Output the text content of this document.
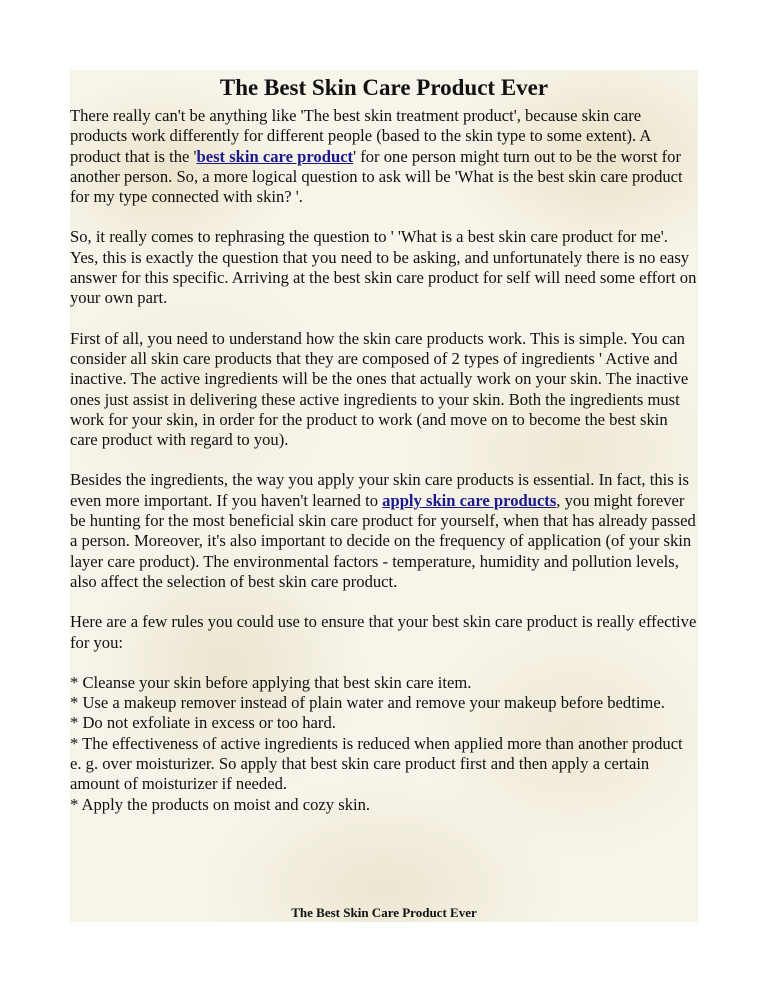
The Best Skin Care Product Ever

There really can't be anything like 'The best skin treatment product', because skin care products work differently for different people (based to the skin type to some extent). A product that is the 'best skin care product' for one person might turn out to be the worst for another person. So, a more logical question to ask will be 'What is the best skin care product for my type connected with skin? '.

So, it really comes to rephrasing the question to ' 'What is a best skin care product for me'. Yes, this is exactly the question that you need to be asking, and unfortunately there is no easy answer for this specific. Arriving at the best skin care product for self will need some effort on your own part.

First of all, you need to understand how the skin care products work. This is simple. You can consider all skin care products that they are composed of 2 types of ingredients ' Active and inactive. The active ingredients will be the ones that actually work on your skin. The inactive ones just assist in delivering these active ingredients to your skin. Both the ingredients must work for your skin, in order for the product to work (and move on to become the best skin care product with regard to you).

Besides the ingredients, the way you apply your skin care products is essential. In fact, this is even more important. If you haven't learned to apply skin care products, you might forever be hunting for the most beneficial skin care product for yourself, when that has already passed a person. Moreover, it's also important to decide on the frequency of application (of your skin layer care product). The environmental factors - temperature, humidity and pollution levels, also affect the selection of best skin care product.

Here are a few rules you could use to ensure that your best skin care product is really effective for you:

* Cleanse your skin before applying that best skin care item.
* Use a makeup remover instead of plain water and remove your makeup before bedtime.
* Do not exfoliate in excess or too hard.
* The effectiveness of active ingredients is reduced when applied more than another product e. g. over moisturizer. So apply that best skin care product first and then apply a certain amount of moisturizer if needed.
* Apply the products on moist and cozy skin.
The Best Skin Care Product Ever
